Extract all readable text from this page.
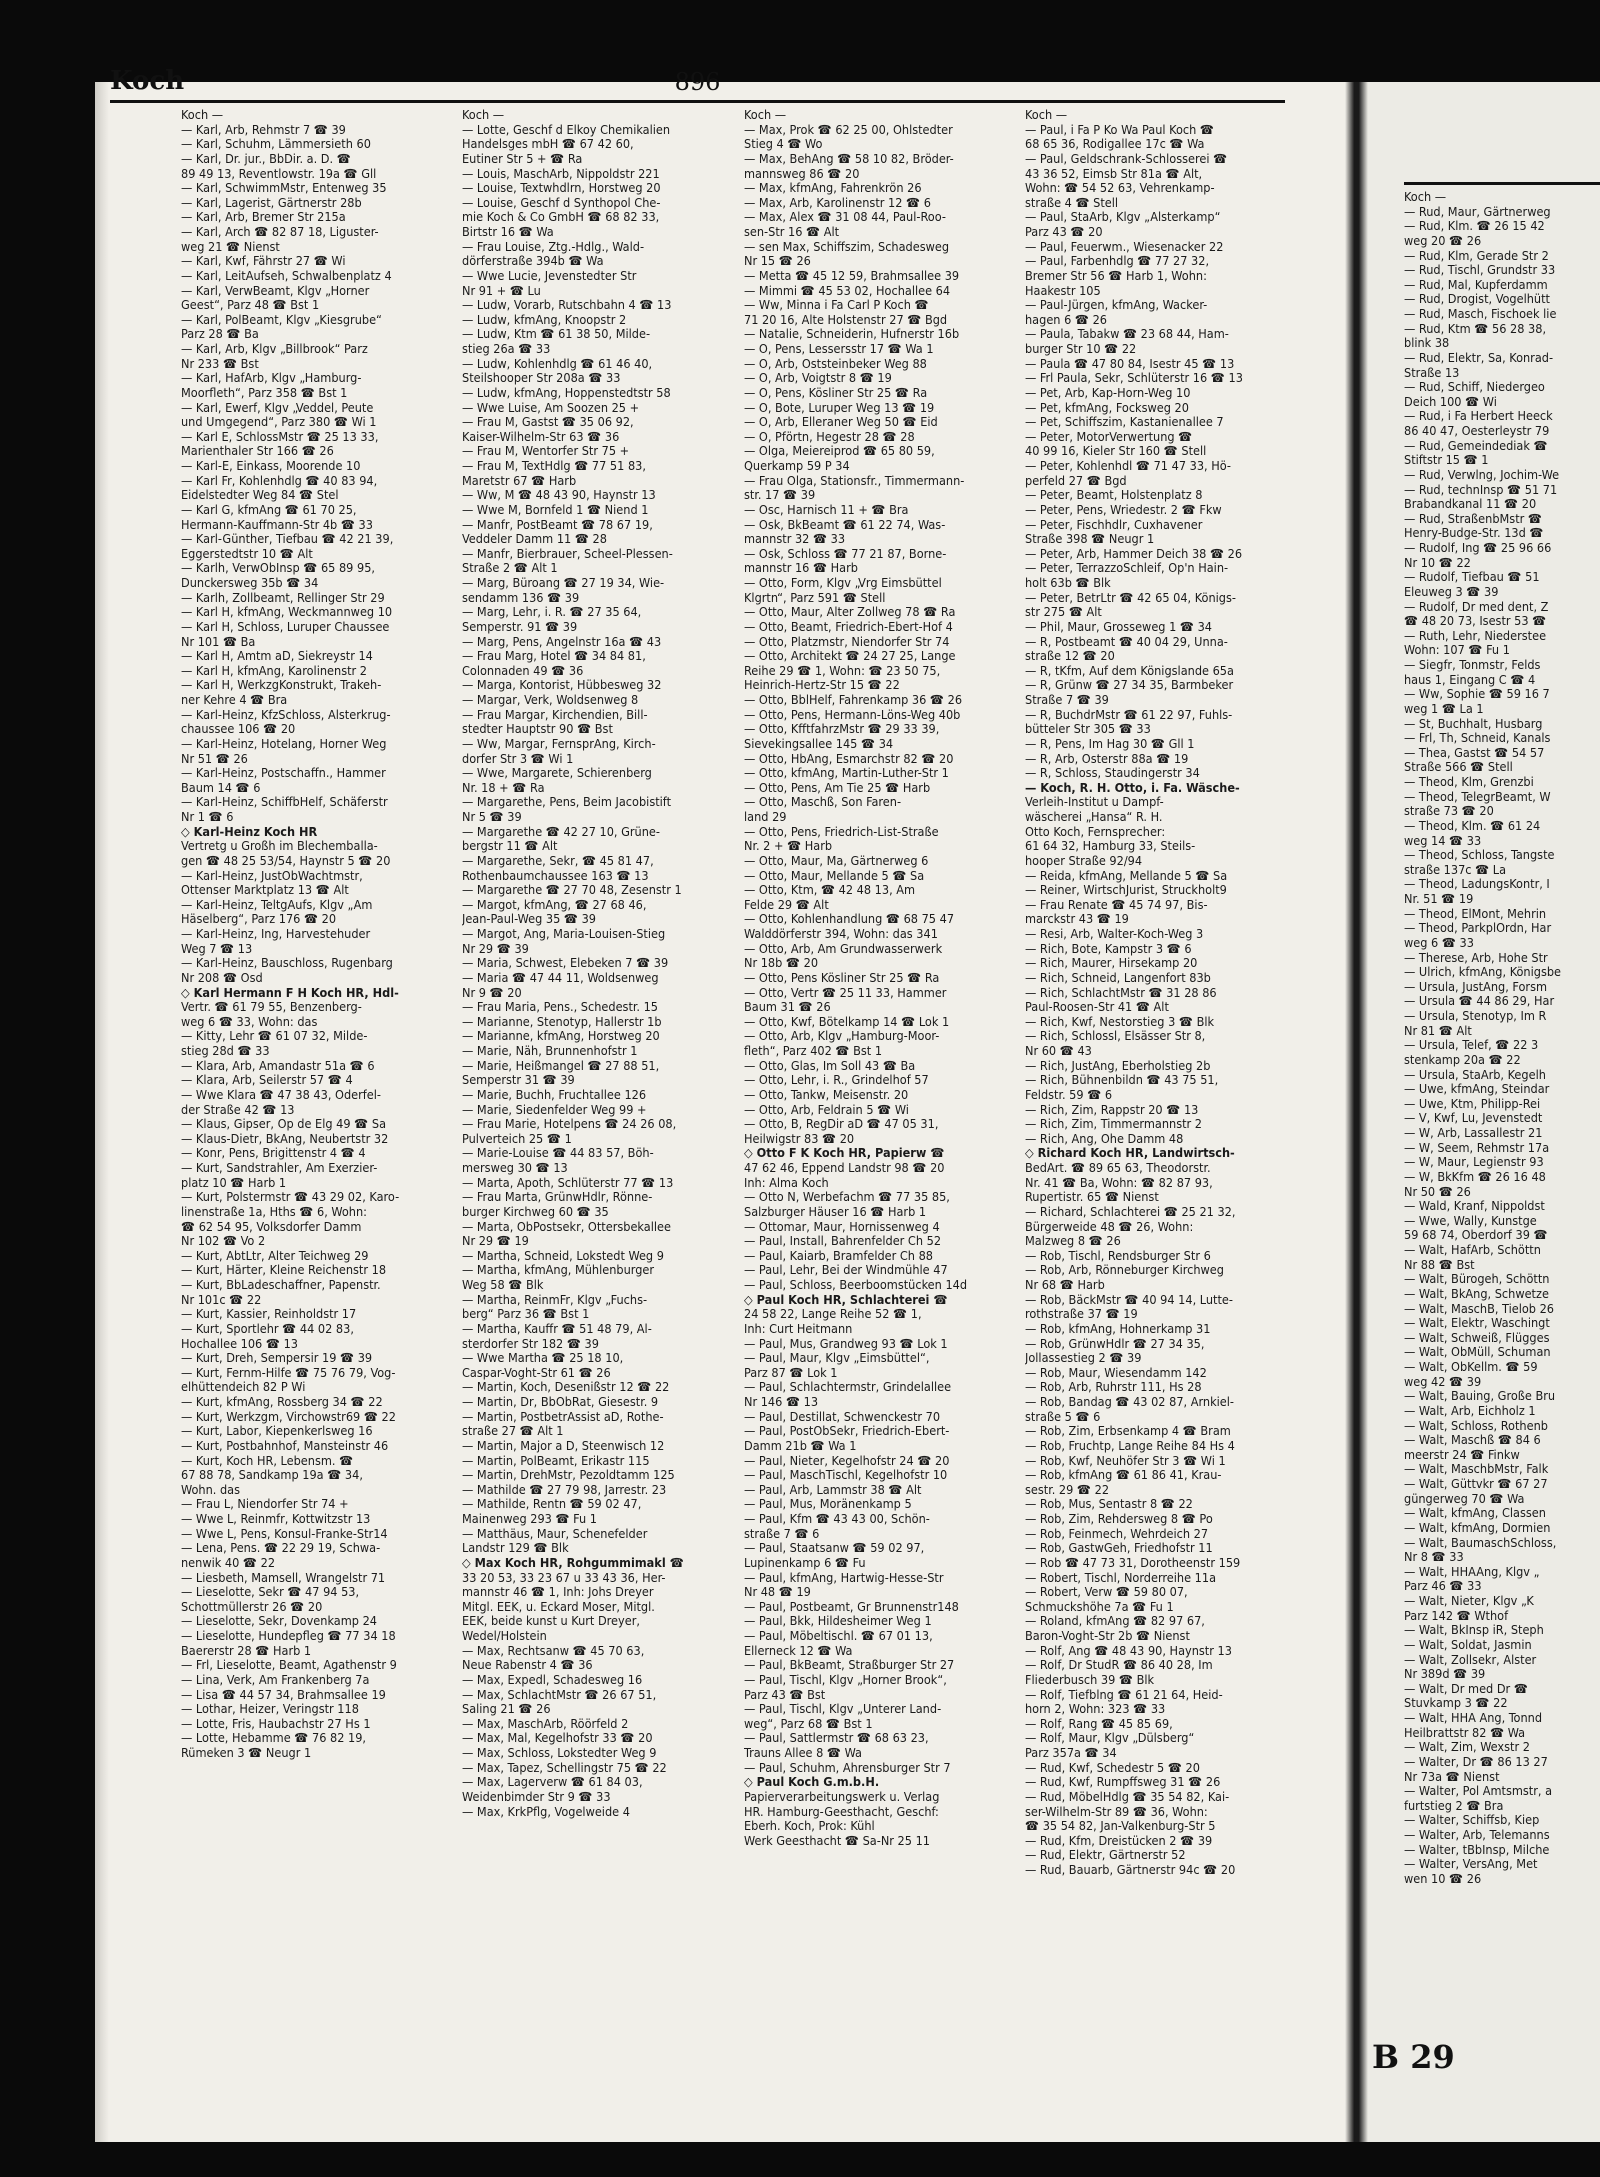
Koch —
— Rud, Maur, Gärtnerweg
— Rud, Klm. ☎ 26 15 42
weg 20 ☎ 26
— Rud, Klm, Gerade Str 2
— Rud, Tischl, Grundstr 33
— Rud, Mal, Kupferdamm
— Rud, Drogist, Vogelhütt
— Rud, Masch, Fischoek lie
— Rud, Ktm ☎ 56 28 38,
blink 38
— Rud, Elektr, Sa, Konrad-
Straße 13
— Rud, Schiff, Niedergeo
Deich 100 ☎ Wi
— Rud, i Fa Herbert Heeck
86 40 47, Oesterleystr 79
— Rud, Gemeindediak ☎
Stiftstr 15 ☎ 1
— Rud, Verwlng, Jochim-We
— Rud, technInsp ☎ 51 71
Brabandkanal 11 ☎ 20
— Rud, StraßenbMstr ☎
Henry-Budge-Str. 13d ☎
— Rudolf, Ing ☎ 25 96 66
Nr 10 ☎ 22
— Rudolf, Tiefbau ☎ 51
Eleuweg 3 ☎ 39
— Rudolf, Dr med dent, Z
☎ 48 20 73, Isestr 53 ☎
— Ruth, Lehr, Niederstee
Wohn: 107 ☎ Fu 1
— Siegfr, Tonmstr, Felds
haus 1, Eingang C ☎ 4
— Ww, Sophie ☎ 59 16 7
weg 1 ☎ La 1
— St, Buchhalt, Husbarg
— Frl, Th, Schneid, Kanals
— Thea, Gastst ☎ 54 57
Straße 566 ☎ Stell
— Theod, Klm, Grenzbi
— Theod, TelegrBeamt, W
straße 73 ☎ 20
— Theod, Klm. ☎ 61 24
weg 14 ☎ 33
— Theod, Schloss, Tangste
straße 137c ☎ La
— Theod, LadungsKontr, I
Nr. 51 ☎ 19
— Theod, ElMont, Mehrin
— Theod, ParkplOrdn, Har
weg 6 ☎ 33
— Therese, Arb, Hohe Str
— Ulrich, kfmAng, Königsbe
— Ursula, JustAng, Forsm
— Ursula ☎ 44 86 29, Har
— Ursula, Stenotyp, Im R
Nr 81 ☎ Alt
— Ursula, Telef, ☎ 22 3
stenkamp 20a ☎ 22
— Ursula, StaArb, Kegelh
— Uwe, kfmAng, Steindar
— Uwe, Ktm, Philipp-Rei
— V, Kwf, Lu, Jevenstedt
— W, Arb, Lassallestr 21
— W, Seem, Rehmstr 17a
— W, Maur, Legienstr 93
— W, BkKfm ☎ 26 16 48
Nr 50 ☎ 26
— Wald, Kranf, Nippoldst
— Wwe, Wally, Kunstge
59 68 74, Oberdorf 39 ☎
— Walt, HafArb, Schöttn
Nr 88 ☎ Bst
— Walt, Bürogeh, Schöttn
— Walt, BkAng, Schwetze
— Walt, MaschB, Tielob 26
— Walt, Elektr, Waschingt
— Walt, Schweiß, Flügges
— Walt, ObMüll, Schuman
— Walt, ObKellm. ☎ 59
weg 42 ☎ 39
— Walt, Bauing, Große Bru
— Walt, Arb, Eichholz 1
— Walt, Schloss, Rothenb
— Walt, Maschß ☎ 84 6
meerstr 24 ☎ Finkw
— Walt, MaschbMstr, Falk
— Walt, Güttvkr ☎ 67 27
güngerweg 70 ☎ Wa
— Walt, kfmAng, Classen
— Walt, kfmAng, Dormien
— Walt, BaumaschSchloss,
Nr 8 ☎ 33
— Walt, HHAAng, Klgv „
Parz 46 ☎ 33
— Walt, Nieter, Klgv „K
Parz 142 ☎ Wthof
— Walt, BkInsp iR, Steph
— Walt, Soldat, Jasmin
— Walt, Zollsekr, Alster
Nr 389d ☎ 39
— Walt, Dr med Dr ☎
Stuvkamp 3 ☎ 22
— Walt, HHA Ang, Tonnd
Heilbrattstr 82 ☎ Wa
— Walt, Zim, Wexstr 2
— Walter, Dr ☎ 86 13 27
Nr 73a ☎ Nienst
— Walter, Pol Amtsmstr, a
furtstieg 2 ☎ Bra
— Walter, Schiffsb, Kiep
— Walter, Arb, Telemanns
— Walter, tBbInsp, Milche
— Walter, VersAng, Met
wen 10 ☎ 26
B 29
Koch	896
Koch —
— Karl, Arb, Rehmstr 7 ☎ 39
— Karl, Schuhm, Lämmersieth 60
— Karl, Dr. jur., BbDir. a. D. ☎
89 49 13, Reventlowstr. 19a ☎ Gll
— Karl, SchwimmMstr, Entenweg 35
— Karl, Lagerist, Gärtnerstr 28b
— Karl, Arb, Bremer Str 215a
— Karl, Arch ☎ 82 87 18, Liguster-
weg 21 ☎ Nienst
— Karl, Kwf, Fährstr 27 ☎ Wi
— Karl, LeitAufseh, Schwalbenplatz 4
— Karl, VerwBeamt, Klgv „Horner
Geest“, Parz 48 ☎ Bst 1
— Karl, PolBeamt, Klgv „Kiesgrube“
Parz 28 ☎ Ba
— Karl, Arb, Klgv „Billbrook“ Parz
Nr 233 ☎ Bst
— Karl, HafArb, Klgv „Hamburg-
Moorfleth“, Parz 358 ☎ Bst 1
— Karl, Ewerf, Klgv „Veddel, Peute
und Umgegend“, Parz 380 ☎ Wi 1
— Karl E, SchlossMstr ☎ 25 13 33,
Marienthaler Str 166 ☎ 26
— Karl-E, Einkass, Moorende 10
— Karl Fr, Kohlenhdlg ☎ 40 83 94,
Eidelstedter Weg 84 ☎ Stel
— Karl G, kfmAng ☎ 61 70 25,
Hermann-Kauffmann-Str 4b ☎ 33
— Karl-Günther, Tiefbau ☎ 42 21 39,
Eggerstedtstr 10 ☎ Alt
— Karlh, VerwObInsp ☎ 65 89 95,
Dunckersweg 35b ☎ 34
— Karlh, Zollbeamt, Rellinger Str 29
— Karl H, kfmAng, Weckmannweg 10
— Karl H, Schloss, Luruper Chaussee
Nr 101 ☎ Ba
— Karl H, Amtm aD, Siekreystr 14
— Karl H, kfmAng, Karolinenstr 2
— Karl H, WerkzgKonstrukt, Trakeh-
ner Kehre 4 ☎ Bra
— Karl-Heinz, KfzSchloss, Alsterkrug-
chaussee 106 ☎ 20
— Karl-Heinz, Hotelang, Horner Weg
Nr 51 ☎ 26
— Karl-Heinz, Postschaffn., Hammer
Baum 14 ☎ 6
— Karl-Heinz, SchiffbHelf, Schäferstr
Nr 1 ☎ 6
◇ Karl-Heinz Koch HR
Vertretg u Großh im Blechemballa-
gen ☎ 48 25 53/54, Haynstr 5 ☎ 20
— Karl-Heinz, JustObWachtmstr,
Ottenser Marktplatz 13 ☎ Alt
— Karl-Heinz, TeltgAufs, Klgv „Am
Häselberg“, Parz 176 ☎ 20
— Karl-Heinz, Ing, Harvestehuder
Weg 7 ☎ 13
— Karl-Heinz, Bauschloss, Rugenbarg
Nr 208 ☎ Osd
◇ Karl Hermann F H Koch HR, Hdl-
Vertr. ☎ 61 79 55, Benzenberg-
weg 6 ☎ 33, Wohn: das
— Kitty, Lehr ☎ 61 07 32, Milde-
stieg 28d ☎ 33
— Klara, Arb, Amandastr 51a ☎ 6
— Klara, Arb, Seilerstr 57 ☎ 4
— Wwe Klara ☎ 47 38 43, Oderfel-
der Straße 42 ☎ 13
— Klaus, Gipser, Op de Elg 49 ☎ Sa
— Klaus-Dietr, BkAng, Neubertstr 32
— Konr, Pens, Brigittenstr 4 ☎ 4
— Kurt, Sandstrahler, Am Exerzier-
platz 10 ☎ Harb 1
— Kurt, Polstermstr ☎ 43 29 02, Karo-
linenstraße 1a, Hths ☎ 6, Wohn:
☎ 62 54 95, Volksdorfer Damm
Nr 102 ☎ Vo 2
— Kurt, AbtLtr, Alter Teichweg 29
— Kurt, Härter, Kleine Reichenstr 18
— Kurt, BbLadeschaffner, Papenstr.
Nr 101c ☎ 22
— Kurt, Kassier, Reinholdstr 17
— Kurt, Sportlehr ☎ 44 02 83,
Hochallee 106 ☎ 13
— Kurt, Dreh, Sempersir 19 ☎ 39
— Kurt, Fernm-Hilfe ☎ 75 76 79, Vog-
elhüttendeich 82 P Wi
— Kurt, kfmAng, Rossberg 34 ☎ 22
— Kurt, Werkzgm, Virchowstr69 ☎ 22
— Kurt, Labor, Kiepenkerlsweg 16
— Kurt, Postbahnhof, Mansteinstr 46
— Kurt, Koch HR, Lebensm. ☎
67 88 78, Sandkamp 19a ☎ 34,
Wohn. das
— Frau L, Niendorfer Str 74 +
— Wwe L, Reinmfr, Kottwitzstr 13
— Wwe L, Pens, Konsul-Franke-Str14
— Lena, Pens. ☎ 22 29 19, Schwa-
nenwik 40 ☎ 22
— Liesbeth, Mamsell, Wrangelstr 71
— Lieselotte, Sekr ☎ 47 94 53,
Schottmüllerstr 26 ☎ 20
— Lieselotte, Sekr, Dovenkamp 24
— Lieselotte, Hundepfleg ☎ 77 34 18
Baererstr 28 ☎ Harb 1
— Frl, Lieselotte, Beamt, Agathenstr 9
— Lina, Verk, Am Frankenberg 7a
— Lisa ☎ 44 57 34, Brahmsallee 19
— Lothar, Heizer, Veringstr 118
— Lotte, Fris, Haubachstr 27 Hs 1
— Lotte, Hebamme ☎ 76 82 19,
Rümeken 3 ☎ Neugr 1
Koch —
— Lotte, Geschf d Elkoy Chemikalien
Handelsges mbH ☎ 67 42 60,
Eutiner Str 5 + ☎ Ra
— Louis, MaschArb, Nippoldstr 221
— Louise, Textwhdlrn, Horstweg 20
— Louise, Geschf d Synthopol Che-
mie Koch & Co GmbH ☎ 68 82 33,
Birtstr 16 ☎ Wa
— Frau Louise, Ztg.-Hdlg., Wald-
dörferstraße 394b ☎ Wa
— Wwe Lucie, Jevenstedter Str
Nr 91 + ☎ Lu
— Ludw, Vorarb, Rutschbahn 4 ☎ 13
— Ludw, kfmAng, Knoopstr 2
— Ludw, Ktm ☎ 61 38 50, Milde-
stieg 26a ☎ 33
— Ludw, Kohlenhdlg ☎ 61 46 40,
Steilshooper Str 208a ☎ 33
— Ludw, kfmAng, Hoppenstedtstr 58
— Wwe Luise, Am Soozen 25 +
— Frau M, Gastst ☎ 35 06 92,
Kaiser-Wilhelm-Str 63 ☎ 36
— Frau M, Wentorfer Str 75 +
— Frau M, TextHdlg ☎ 77 51 83,
Maretstr 67 ☎ Harb
— Ww, M ☎ 48 43 90, Haynstr 13
— Wwe M, Bornfeld 1 ☎ Niend 1
— Manfr, PostBeamt ☎ 78 67 19,
Veddeler Damm 11 ☎ 28
— Manfr, Bierbrauer, Scheel-Plessen-
Straße 2 ☎ Alt 1
— Marg, Büroang ☎ 27 19 34, Wie-
sendamm 136 ☎ 39
— Marg, Lehr, i. R. ☎ 27 35 64,
Semperstr. 91 ☎ 39
— Marg, Pens, Angelnstr 16a ☎ 43
— Frau Marg, Hotel ☎ 34 84 81,
Colonnaden 49 ☎ 36
— Marga, Kontorist, Hübbesweg 32
— Margar, Verk, Woldsenweg 8
— Frau Margar, Kirchendien, Bill-
stedter Hauptstr 90 ☎ Bst
— Ww, Margar, FernsprAng, Kirch-
dorfer Str 3 ☎ Wi 1
— Wwe, Margarete, Schierenberg
Nr. 18 + ☎ Ra
— Margarethe, Pens, Beim Jacobistift
Nr 5 ☎ 39
— Margarethe ☎ 42 27 10, Grüne-
bergstr 11 ☎ Alt
— Margarethe, Sekr, ☎ 45 81 47,
Rothenbaumchaussee 163 ☎ 13
— Margarethe ☎ 27 70 48, Zesenstr 1
— Margot, kfmAng, ☎ 27 68 46,
Jean-Paul-Weg 35 ☎ 39
— Margot, Ang, Maria-Louisen-Stieg
Nr 29 ☎ 39
— Maria, Schwest, Elebeken 7 ☎ 39
— Maria ☎ 47 44 11, Woldsenweg
Nr 9 ☎ 20
— Frau Maria, Pens., Schedestr. 15
— Marianne, Stenotyp, Hallerstr 1b
— Marianne, kfmAng, Horstweg 20
— Marie, Näh, Brunnenhofstr 1
— Marie, Heißmangel ☎ 27 88 51,
Semperstr 31 ☎ 39
— Marie, Buchh, Fruchtallee 126
— Marie, Siedenfelder Weg 99 +
— Frau Marie, Hotelpens ☎ 24 26 08,
Pulverteich 25 ☎ 1
— Marie-Louise ☎ 44 83 57, Böh-
mersweg 30 ☎ 13
— Marta, Apoth, Schlüterstr 77 ☎ 13
— Frau Marta, GrünwHdlr, Rönne-
burger Kirchweg 60 ☎ 35
— Marta, ObPostsekr, Ottersbekallee
Nr 29 ☎ 19
— Martha, Schneid, Lokstedt Weg 9
— Martha, kfmAng, Mühlenburger
Weg 58 ☎ Blk
— Martha, ReinmFr, Klgv „Fuchs-
berg“ Parz 36 ☎ Bst 1
— Martha, Kauffr ☎ 51 48 79, Al-
sterdorfer Str 182 ☎ 39
— Wwe Martha ☎ 25 18 10,
Caspar-Voght-Str 61 ☎ 26
— Martin, Koch, Desenißstr 12 ☎ 22
— Martin, Dr, BbObRat, Giesestr. 9
— Martin, PostbetrAssist aD, Rothe-
straße 27 ☎ Alt 1
— Martin, Major a D, Steenwisch 12
— Martin, PolBeamt, Erikastr 115
— Martin, DrehMstr, Pezoldtamm 125
— Mathilde ☎ 27 79 98, Jarrestr. 23
— Mathilde, Rentn ☎ 59 02 47,
Mainenweg 293 ☎ Fu 1
— Matthäus, Maur, Schenefelder
Landstr 129 ☎ Blk
◇ Max Koch HR, Rohgummimakl ☎
33 20 53, 33 23 67 u 33 43 36, Her-
mannstr 46 ☎ 1, Inh: Johs Dreyer
Mitgl. EEK, u. Eckard Moser, Mitgl.
EEK, beide kunst u Kurt Dreyer,
Wedel/Holstein
— Max, Rechtsanw ☎ 45 70 63,
Neue Rabenstr 4 ☎ 36
— Max, Expedl, Schadesweg 16
— Max, SchlachtMstr ☎ 26 67 51,
Saling 21 ☎ 26
— Max, MaschArb, Röörfeld 2
— Max, Mal, Kegelhofstr 33 ☎ 20
— Max, Schloss, Lokstedter Weg 9
— Max, Tapez, Schellingstr 75 ☎ 22
— Max, Lagerverw ☎ 61 84 03,
Weidenbimder Str 9 ☎ 33
— Max, KrkPflg, Vogelweide 4
Koch —
— Max, Prok ☎ 62 25 00, Ohlstedter
Stieg 4 ☎ Wo
— Max, BehAng ☎ 58 10 82, Bröder-
mannsweg 86 ☎ 20
— Max, kfmAng, Fahrenkrön 26
— Max, Arb, Karolinenstr 12 ☎ 6
— Max, Alex ☎ 31 08 44, Paul-Roo-
sen-Str 16 ☎ Alt
— sen Max, Schiffszim, Schadesweg
Nr 15 ☎ 26
— Metta ☎ 45 12 59, Brahmsallee 39
— Mimmi ☎ 45 53 02, Hochallee 64
— Ww, Minna i Fa Carl P Koch ☎
71 20 16, Alte Holstenstr 27 ☎ Bgd
— Natalie, Schneiderin, Hufnerstr 16b
— O, Pens, Lessersstr 17 ☎ Wa 1
— O, Arb, Oststeinbeker Weg 88
— O, Arb, Voigtstr 8 ☎ 19
— O, Pens, Kösliner Str 25 ☎ Ra
— O, Bote, Luruper Weg 13 ☎ 19
— O, Arb, Elleraner Weg 50 ☎ Eid
— O, Pförtn, Hegestr 28 ☎ 28
— Olga, Meiereiprod ☎ 65 80 59,
Querkamp 59 P 34
— Frau Olga, Stationsfr., Timmermann-
str. 17 ☎ 39
— Osc, Harnisch 11 + ☎ Bra
— Osk, BkBeamt ☎ 61 22 74, Was-
mannstr 32 ☎ 33
— Osk, Schloss ☎ 77 21 87, Borne-
mannstr 16 ☎ Harb
— Otto, Form, Klgv „Vrg Eimsbüttel
Klgrtn“, Parz 591 ☎ Stell
— Otto, Maur, Alter Zollweg 78 ☎ Ra
— Otto, Beamt, Friedrich-Ebert-Hof 4
— Otto, Platzmstr, Niendorfer Str 74
— Otto, Architekt ☎ 24 27 25, Lange
Reihe 29 ☎ 1, Wohn: ☎ 23 50 75,
Heinrich-Hertz-Str 15 ☎ 22
— Otto, BblHelf, Fahrenkamp 36 ☎ 26
— Otto, Pens, Hermann-Löns-Weg 40b
— Otto, KfftfahrzMstr ☎ 29 33 39,
Sievekingsallee 145 ☎ 34
— Otto, HbAng, Esmarchstr 82 ☎ 20
— Otto, kfmAng, Martin-Luther-Str 1
— Otto, Pens, Am Tie 25 ☎ Harb
— Otto, Maschß, Son Faren-
land 29
— Otto, Pens, Friedrich-List-Straße
Nr. 2 + ☎ Harb
— Otto, Maur, Ma, Gärtnerweg 6
— Otto, Maur, Mellande 5 ☎ Sa
— Otto, Ktm, ☎ 42 48 13, Am
Felde 29 ☎ Alt
— Otto, Kohlenhandlung ☎ 68 75 47
Walddörferstr 394, Wohn: das 341
— Otto, Arb, Am Grundwasserwerk
Nr 18b ☎ 20
— Otto, Pens Kösliner Str 25 ☎ Ra
— Otto, Vertr ☎ 25 11 33, Hammer
Baum 31 ☎ 26
— Otto, Kwf, Bötelkamp 14 ☎ Lok 1
— Otto, Arb, Klgv „Hamburg-Moor-
fleth“, Parz 402 ☎ Bst 1
— Otto, Glas, Im Soll 43 ☎ Ba
— Otto, Lehr, i. R., Grindelhof 57
— Otto, Tankw, Meisenstr. 20
— Otto, Arb, Feldrain 5 ☎ Wi
— Otto, B, RegDir aD ☎ 47 05 31,
Heilwigstr 83 ☎ 20
◇ Otto F K Koch HR, Papierw ☎
47 62 46, Eppend Landstr 98 ☎ 20
Inh: Alma Koch
— Otto N, Werbefachm ☎ 77 35 85,
Salzburger Häuser 16 ☎ Harb 1
— Ottomar, Maur, Hornissenweg 4
— Paul, Install, Bahrenfelder Ch 52
— Paul, Kaiarb, Bramfelder Ch 88
— Paul, Lehr, Bei der Windmühle 47
— Paul, Schloss, Beerboomstücken 14d
◇ Paul Koch HR, Schlachterei ☎
24 58 22, Lange Reihe 52 ☎ 1,
Inh: Curt Heitmann
— Paul, Mus, Grandweg 93 ☎ Lok 1
— Paul, Maur, Klgv „Eimsbüttel“,
Parz 87 ☎ Lok 1
— Paul, Schlachtermstr, Grindelallee
Nr 146 ☎ 13
— Paul, Destillat, Schwenckestr 70
— Paul, PostObSekr, Friedrich-Ebert-
Damm 21b ☎ Wa 1
— Paul, Nieter, Kegelhofstr 24 ☎ 20
— Paul, MaschTischl, Kegelhofstr 10
— Paul, Arb, Lammstr 38 ☎ Alt
— Paul, Mus, Moränenkamp 5
— Paul, Kfm ☎ 43 43 00, Schön-
straße 7 ☎ 6
— Paul, Staatsanw ☎ 59 02 97,
Lupinenkamp 6 ☎ Fu
— Paul, kfmAng, Hartwig-Hesse-Str
Nr 48 ☎ 19
— Paul, Postbeamt, Gr Brunnenstr148
— Paul, Bkk, Hildesheimer Weg 1
— Paul, Möbeltischl. ☎ 67 01 13,
Ellerneck 12 ☎ Wa
— Paul, BkBeamt, Straßburger Str 27
— Paul, Tischl, Klgv „Horner Brook“,
Parz 43 ☎ Bst
— Paul, Tischl, Klgv „Unterer Land-
weg“, Parz 68 ☎ Bst 1
— Paul, Sattlermstr ☎ 68 63 23,
Trauns Allee 8 ☎ Wa
— Paul, Schuhm, Ahrensburger Str 7
◇ Paul Koch G.m.b.H.
Papierverarbeitungswerk u. Verlag
HR. Hamburg-Geesthacht, Geschf:
Eberh. Koch, Prok: Kühl
Werk Geesthacht ☎ Sa-Nr 25 11
Koch —
— Paul, i Fa P Ko Wa Paul Koch ☎
68 65 36, Rodigallee 17c ☎ Wa
— Paul, Geldschrank-Schlosserei ☎
43 36 52, Eimsb Str 81a ☎ Alt,
Wohn: ☎ 54 52 63, Vehrenkamp-
straße 4 ☎ Stell
— Paul, StaArb, Klgv „Alsterkamp“
Parz 43 ☎ 20
— Paul, Feuerwm., Wiesenacker 22
— Paul, Farbenhdlg ☎ 77 27 32,
Bremer Str 56 ☎ Harb 1, Wohn:
Haakestr 105
— Paul-Jürgen, kfmAng, Wacker-
hagen 6 ☎ 26
— Paula, Tabakw ☎ 23 68 44, Ham-
burger Str 10 ☎ 22
— Paula ☎ 47 80 84, Isestr 45 ☎ 13
— Frl Paula, Sekr, Schlüterstr 16 ☎ 13
— Pet, Arb, Kap-Horn-Weg 10
— Pet, kfmAng, Focksweg 20
— Pet, Schiffszim, Kastanienallee 7
— Peter, MotorVerwertung ☎
40 99 16, Kieler Str 160 ☎ Stell
— Peter, Kohlenhdl ☎ 71 47 33, Hö-
perfeld 27 ☎ Bgd
— Peter, Beamt, Holstenplatz 8
— Peter, Pens, Wriedestr. 2 ☎ Fkw
— Peter, Fischhdlr, Cuxhavener
Straße 398 ☎ Neugr 1
— Peter, Arb, Hammer Deich 38 ☎ 26
— Peter, TerrazzoSchleif, Op'n Hain-
holt 63b ☎ Blk
— Peter, BetrLtr ☎ 42 65 04, Königs-
str 275 ☎ Alt
— Phil, Maur, Grosseweg 1 ☎ 34
— R, Postbeamt ☎ 40 04 29, Unna-
straße 12 ☎ 20
— R, tKfm, Auf dem Königslande 65a
— R, Grünw ☎ 27 34 35, Barmbeker
Straße 7 ☎ 39
— R, BuchdrMstr ☎ 61 22 97, Fuhls-
bütteler Str 305 ☎ 33
— R, Pens, Im Hag 30 ☎ Gll 1
— R, Arb, Osterstr 88a ☎ 19
— R, Schloss, Staudingerstr 34
— Koch, R. H. Otto, i. Fa. Wäsche-
Verleih-Institut u Dampf-
wäscherei „Hansa“ R. H.
Otto Koch, Fernsprecher:
61 64 32, Hamburg 33, Steils-
hooper Straße 92/94
— Reida, kfmAng, Mellande 5 ☎ Sa
— Reiner, WirtschJurist, Struckholt9
— Frau Renate ☎ 45 74 97, Bis-
marckstr 43 ☎ 19
— Resi, Arb, Walter-Koch-Weg 3
— Rich, Bote, Kampstr 3 ☎ 6
— Rich, Maurer, Hirsekamp 20
— Rich, Schneid, Langenfort 83b
— Rich, SchlachtMstr ☎ 31 28 86
Paul-Roosen-Str 41 ☎ Alt
— Rich, Kwf, Nestorstieg 3 ☎ Blk
— Rich, Schlossl, Elsässer Str 8,
Nr 60 ☎ 43
— Rich, JustAng, Eberholstieg 2b
— Rich, Bühnenbildn ☎ 43 75 51,
Feldstr. 59 ☎ 6
— Rich, Zim, Rappstr 20 ☎ 13
— Rich, Zim, Timmermannstr 2
— Rich, Ang, Ohe Damm 48
◇ Richard Koch HR, Landwirtsch-
BedArt. ☎ 89 65 63, Theodorstr.
Nr. 41 ☎ Ba, Wohn: ☎ 82 87 93,
Rupertistr. 65 ☎ Nienst
— Richard, Schlachterei ☎ 25 21 32,
Bürgerweide 48 ☎ 26, Wohn:
Malzweg 8 ☎ 26
— Rob, Tischl, Rendsburger Str 6
— Rob, Arb, Rönneburger Kirchweg
Nr 68 ☎ Harb
— Rob, BäckMstr ☎ 40 94 14, Lutte-
rothstraße 37 ☎ 19
— Rob, kfmAng, Hohnerkamp 31
— Rob, GrünwHdlr ☎ 27 34 35,
Jollassestieg 2 ☎ 39
— Rob, Maur, Wiesendamm 142
— Rob, Arb, Ruhrstr 111, Hs 28
— Rob, Bandag ☎ 43 02 87, Arnkiel-
straße 5 ☎ 6
— Rob, Zim, Erbsenkamp 4 ☎ Bram
— Rob, Fruchtp, Lange Reihe 84 Hs 4
— Rob, Kwf, Neuhöfer Str 3 ☎ Wi 1
— Rob, kfmAng ☎ 61 86 41, Krau-
sestr. 29 ☎ 22
— Rob, Mus, Sentastr 8 ☎ 22
— Rob, Zim, Rehdersweg 8 ☎ Po
— Rob, Feinmech, Wehrdeich 27
— Rob, GastwGeh, Friedhofstr 11
— Rob ☎ 47 73 31, Dorotheenstr 159
— Robert, Tischl, Norderreihe 11a
— Robert, Verw ☎ 59 80 07,
Schmuckshöhe 7a ☎ Fu 1
— Roland, kfmAng ☎ 82 97 67,
Baron-Voght-Str 2b ☎ Nienst
— Rolf, Ang ☎ 48 43 90, Haynstr 13
— Rolf, Dr StudR ☎ 86 40 28, Im
Fliederbusch 39 ☎ Blk
— Rolf, Tiefblng ☎ 61 21 64, Heid-
horn 2, Wohn: 323 ☎ 33
— Rolf, Rang ☎ 45 85 69,
— Rolf, Maur, Klgv „Dülsberg“
Parz 357a ☎ 34
— Rud, Kwf, Schedestr 5 ☎ 20
— Rud, Kwf, Rumpffsweg 31 ☎ 26
— Rud, MöbelHdlg ☎ 35 54 82, Kai-
ser-Wilhelm-Str 89 ☎ 36, Wohn:
☎ 35 54 82, Jan-Valkenburg-Str 5
— Rud, Kfm, Dreistücken 2 ☎ 39
— Rud, Elektr, Gärtnerstr 52
— Rud, Bauarb, Gärtnerstr 94c ☎ 20
